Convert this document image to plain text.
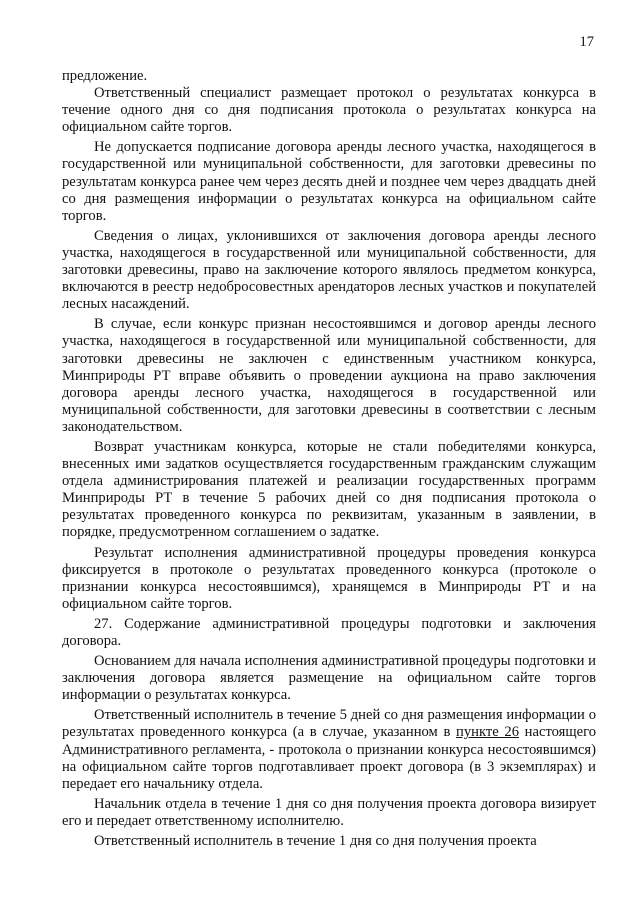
17

предложение.

Ответственный специалист размещает протокол о результатах конкурса в течение одного дня со дня подписания протокола о результатах конкурса на официальном сайте торгов.

Не допускается подписание договора аренды лесного участка, находящегося в государственной или муниципальной собственности, для заготовки древесины по результатам конкурса ранее чем через десять дней и позднее чем через двадцать дней со дня размещения информации о результатах конкурса на официальном сайте торгов.

Сведения о лицах, уклонившихся от заключения договора аренды лесного участка, находящегося в государственной или муниципальной собственности, для заготовки древесины, право на заключение которого являлось предметом конкурса, включаются в реестр недобросовестных арендаторов лесных участков и покупателей лесных насаждений.

В случае, если конкурс признан несостоявшимся и договор аренды лесного участка, находящегося в государственной или муниципальной собственности, для заготовки древесины не заключен с единственным участником конкурса, Минприроды РТ вправе объявить о проведении аукциона на право заключения договора аренды лесного участка, находящегося в государственной или муниципальной собственности, для заготовки древесины в соответствии с лесным законодательством.

Возврат участникам конкурса, которые не стали победителями конкурса, внесенных ими задатков осуществляется государственным гражданским служащим отдела администрирования платежей и реализации государственных программ Минприроды РТ в течение 5 рабочих дней со дня подписания протокола о результатах проведенного конкурса по реквизитам, указанным в заявлении, в порядке, предусмотренном соглашением о задатке.

Результат исполнения административной процедуры проведения конкурса фиксируется в протоколе о результатах проведенного конкурса (протоколе о признании конкурса несостоявшимся), хранящемся в Минприроды РТ и на официальном сайте торгов.

27. Содержание административной процедуры подготовки и заключения договора.

Основанием для начала исполнения административной процедуры подготовки и заключения договора является размещение на официальном сайте торгов информации о результатах конкурса.

Ответственный исполнитель в течение 5 дней со дня размещения информации о результатах проведенного конкурса (а в случае, указанном в пункте 26 настоящего Административного регламента, - протокола о признании конкурса несостоявшимся) на официальном сайте торгов подготавливает проект договора (в 3 экземплярах) и передает его начальнику отдела.

Начальник отдела в течение 1 дня со дня получения проекта договора визирует его и передает ответственному исполнителю.

Ответственный исполнитель в течение 1 дня со дня получения проекта
